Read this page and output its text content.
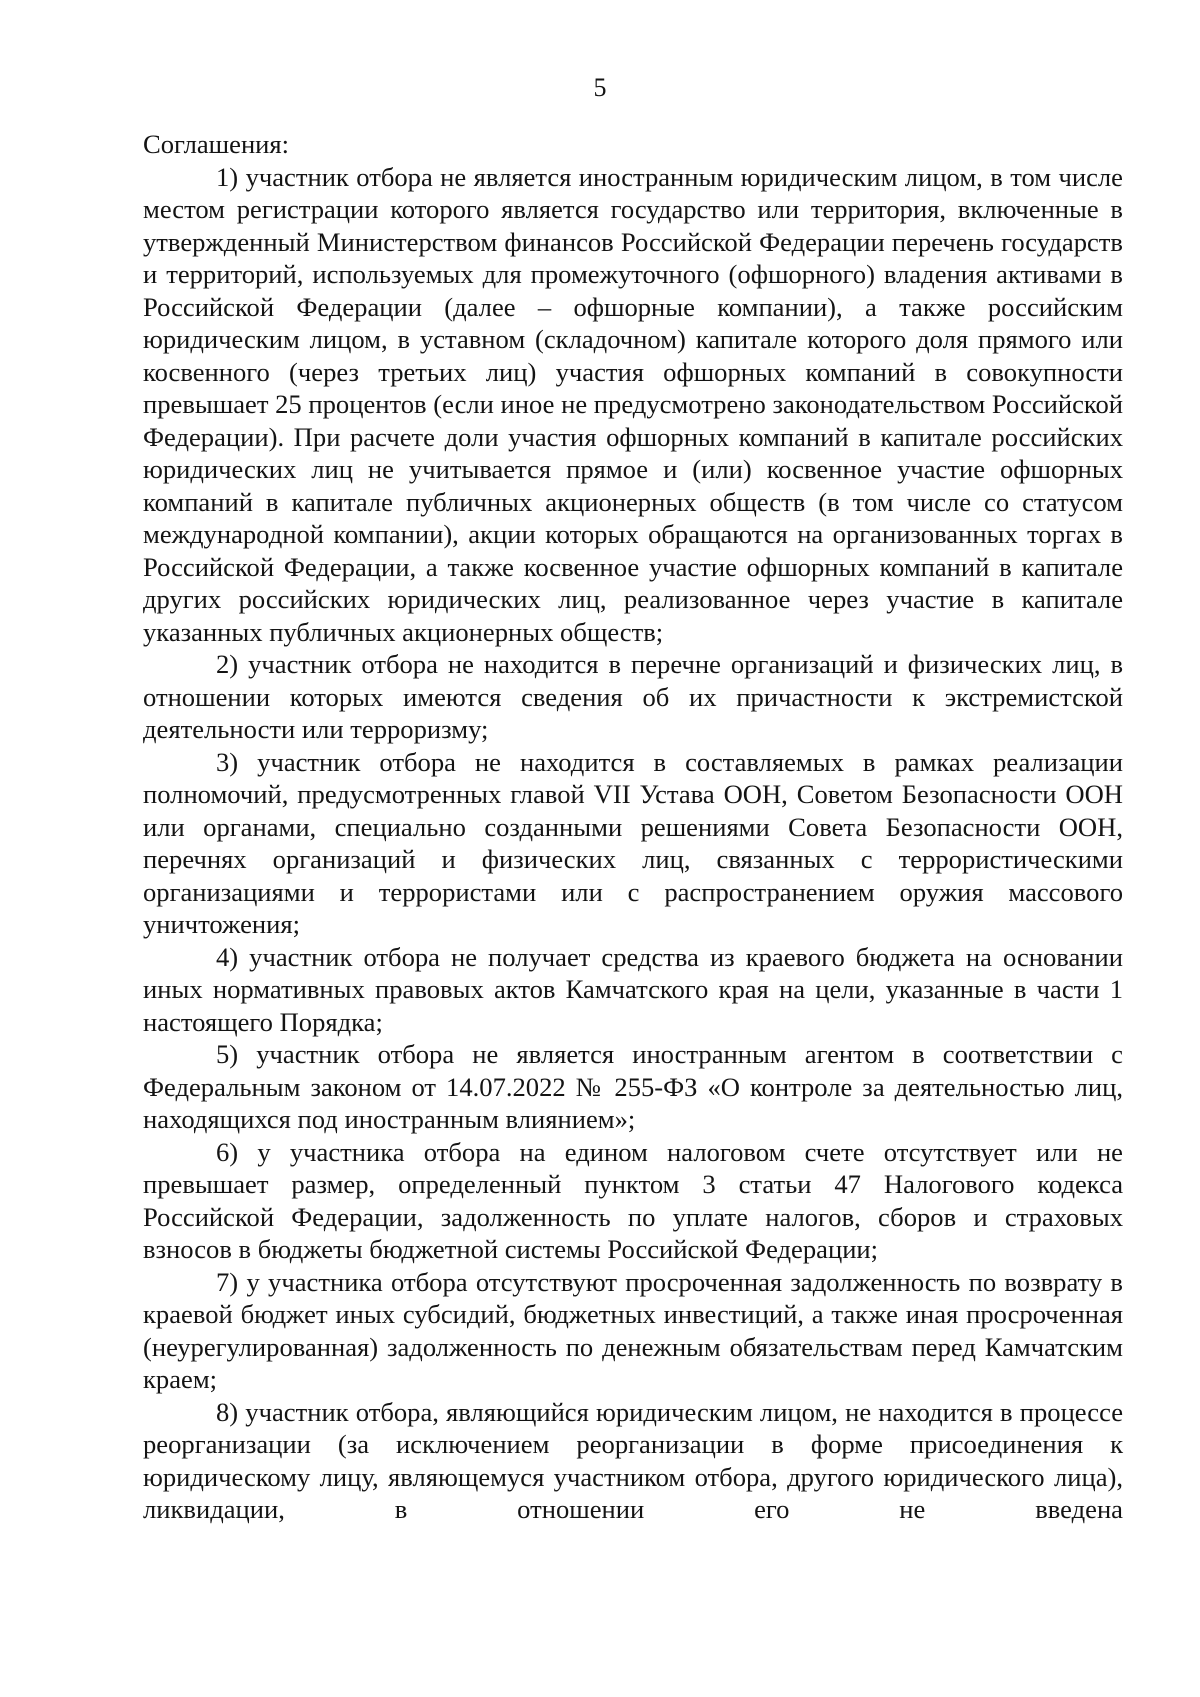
5

Соглашения:

1) участник отбора не является иностранным юридическим лицом, в том числе местом регистрации которого является государство или территория, включенные в утвержденный Министерством финансов Российской Федерации перечень государств и территорий, используемых для промежуточного (офшорного) владения активами в Российской Федерации (далее – офшорные компании), а также российским юридическим лицом, в уставном (складочном) капитале которого доля прямого или косвенного (через третьих лиц) участия офшорных компаний в совокупности превышает 25 процентов (если иное не предусмотрено законодательством Российской Федерации). При расчете доли участия офшорных компаний в капитале российских юридических лиц не учитывается прямое и (или) косвенное участие офшорных компаний в капитале публичных акционерных обществ (в том числе со статусом международной компании), акции которых обращаются на организованных торгах в Российской Федерации, а также косвенное участие офшорных компаний в капитале других российских юридических лиц, реализованное через участие в капитале указанных публичных акционерных обществ;

2) участник отбора не находится в перечне организаций и физических лиц, в отношении которых имеются сведения об их причастности к экстремистской деятельности или терроризму;

3) участник отбора не находится в составляемых в рамках реализации полномочий, предусмотренных главой VII Устава ООН, Советом Безопасности ООН или органами, специально созданными решениями Совета Безопасности ООН, перечнях организаций и физических лиц, связанных с террористическими организациями и террористами или с распространением оружия массового уничтожения;

4) участник отбора не получает средства из краевого бюджета на основании иных нормативных правовых актов Камчатского края на цели, указанные в части 1 настоящего Порядка;

5) участник отбора не является иностранным агентом в соответствии с Федеральным законом от 14.07.2022 № 255-ФЗ «О контроле за деятельностью лиц, находящихся под иностранным влиянием»;

6) у участника отбора на едином налоговом счете отсутствует или не превышает размер, определенный пунктом 3 статьи 47 Налогового кодекса Российской Федерации, задолженность по уплате налогов, сборов и страховых взносов в бюджеты бюджетной системы Российской Федерации;

7) у участника отбора отсутствуют просроченная задолженность по возврату в краевой бюджет иных субсидий, бюджетных инвестиций, а также иная просроченная (неурегулированная) задолженность по денежным обязательствам перед Камчатским краем;

8) участник отбора, являющийся юридическим лицом, не находится в процессе реорганизации (за исключением реорганизации в форме присоединения к юридическому лицу, являющемуся участником отбора, другого юридического лица), ликвидации, в отношении его не введена
